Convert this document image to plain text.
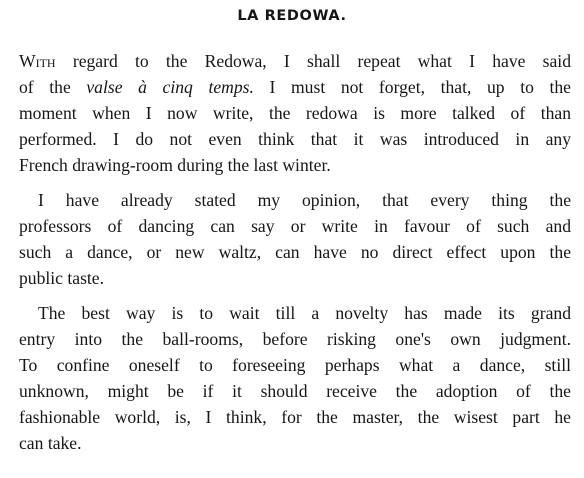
LA REDOWA.
With regard to the Redowa, I shall repeat what I have said
of the valse à cinq temps. I must not forget, that, up to the
moment when I now write, the redowa is more talked of than
performed. I do not even think that it was introduced in any
French drawing-room during the last winter.
I have already stated my opinion, that every thing the
professors of dancing can say or write in favour of such and
such a dance, or new waltz, can have no direct effect upon the
public taste.
The best way is to wait till a novelty has made its grand
entry into the ball-rooms, before risking one's own judgment.
To confine oneself to foreseeing perhaps what a dance, still
unknown, might be if it should receive the adoption of the
fashionable world, is, I think, for the master, the wisest part he
can take.
